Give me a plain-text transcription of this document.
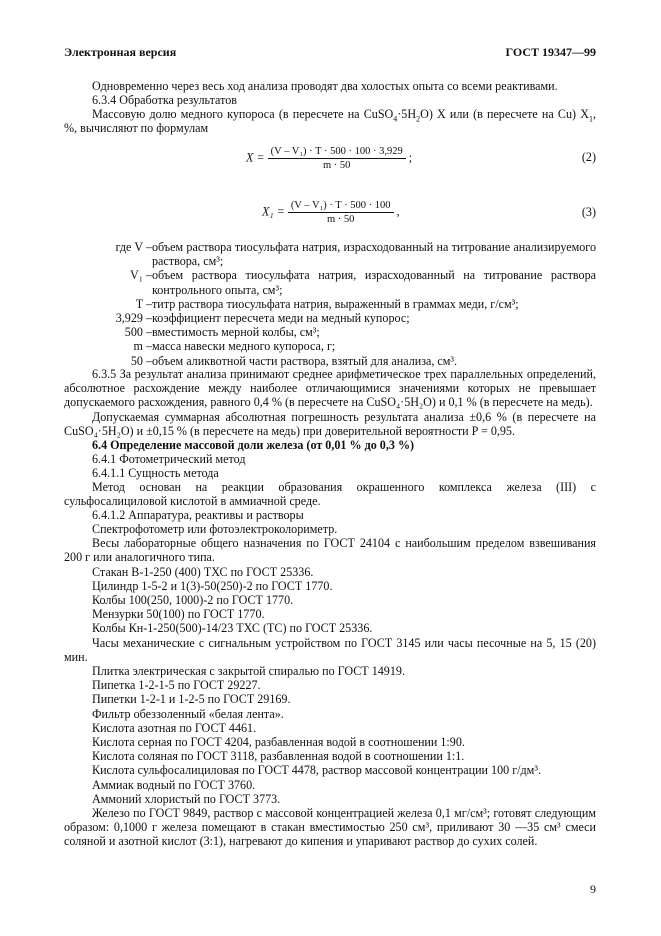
Электронная версия	ГОСТ 19347—99
Одновременно через весь ход анализа проводят два холостых опыта со всеми реактивами.
6.3.4 Обработка результатов
Массовую долю медного купороса (в пересчете на $CuSO_4\cdot 5H_2O$) X или (в пересчете на Cu) $X_1$, %, вычисляют по формулам
$X = \frac{\text{(V – V₁) · T · 500 · 100 · 3,929}}{m \cdot 50}$ ;	(2)
$X_1 = \frac{\text{(V – V₁) · T · 500 · 100}}{m \cdot 50}$ ,	(3)
где V – объем раствора тиосульфата натрия, израсходованный на титрование анализируемого раствора, см³;
V₁ – объем раствора тиосульфата натрия, израсходованный на титрование раствора контрольного опыта, см³;
T – титр раствора тиосульфата натрия, выраженный в граммах меди, г/см³;
3,929 – коэффициент пересчета меди на медный купорос;
500 – вместимость мерной колбы, см³;
m – масса навески медного купороса, г;
50 – объем аликвотной части раствора, взятый для анализа, см³.
6.3.5 За результат анализа принимают среднее арифметическое трех параллельных определений, абсолютное расхождение между наиболее отличающимися значениями которых не превышает допускаемого расхождения, равного 0,4 % (в пересчете на CuSO₄·5H₂O) и 0,1 % (в пересчете на медь).
Допускаемая суммарная абсолютная погрешность результата анализа ±0,6 % (в пересчете на CuSO₄·5H₂O) и ±0,15 % (в пересчете на медь) при доверительной вероятности P = 0,95.
6.4 Определение массовой доли железа (от 0,01 % до 0,3 %)
6.4.1 Фотометрический метод
6.4.1.1 Сущность метода
Метод основан на реакции образования окрашенного комплекса железа (III) с сульфосалициловой кислотой в аммиачной среде.
6.4.1.2 Аппаратура, реактивы и растворы
Спектрофотометр или фотоэлектроколориметр.
Весы лабораторные общего назначения по ГОСТ 24104 с наибольшим пределом взвешивания 200 г или аналогичного типа.
Стакан В-1-250 (400) ТХС по ГОСТ 25336.
Цилиндр 1-5-2 и 1(3)-50(250)-2 по ГОСТ 1770.
Колбы 100(250, 1000)-2 по ГОСТ 1770.
Мензурки 50(100) по ГОСТ 1770.
Колбы Кн-1-250(500)-14/23 ТХС (ТС) по ГОСТ 25336.
Часы механические с сигнальным устройством по ГОСТ 3145 или часы песочные на 5, 15 (20) мин.
Плитка электрическая с закрытой спиралью по ГОСТ 14919.
Пипетка 1-2-1-5 по ГОСТ 29227.
Пипетки 1-2-1 и 1-2-5 по ГОСТ 29169.
Фильтр обеззоленный «белая лента».
Кислота азотная по ГОСТ 4461.
Кислота серная по ГОСТ 4204, разбавленная водой в соотношении 1:90.
Кислота соляная по ГОСТ 3118, разбавленная водой в соотношении 1:1.
Кислота сульфосалициловая по ГОСТ 4478, раствор массовой концентрации 100 г/дм³.
Аммиак водный по ГОСТ 3760.
Аммоний хлористый по ГОСТ 3773.
Железо по ГОСТ 9849, раствор с массовой концентрацией железа 0,1 мг/см³; готовят следующим образом: 0,1000 г железа помещают в стакан вместимостью 250 см³, приливают 30 —35 см³ смеси соляной и азотной кислот (3:1), нагревают до кипения и упаривают раствор до сухих солей.
9
